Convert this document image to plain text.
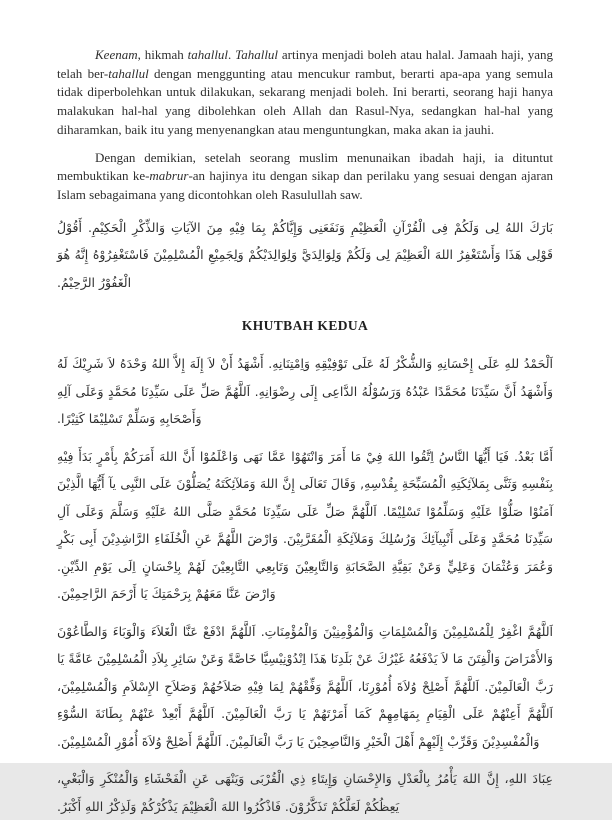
Keenam, hikmah tahallul. Tahallul artinya menjadi boleh atau halal. Jamaah haji, yang telah ber-tahallul dengan menggunting atau mencukur rambut, berarti apa-apa yang semula tidak diperbolehkan untuk dilakukan, sekarang menjadi boleh. Ini berarti, seorang haji hanya malakukan hal-hal yang dibolehkan oleh Allah dan Rasul-Nya, sedangkan hal-hal yang diharamkan, baik itu yang menyenangkan atau menguntungkan, maka akan ia jauhi.

Dengan demikian, setelah seorang muslim menunaikan ibadah haji, ia dituntut membuktikan ke-mabrur-an hajinya itu dengan sikap dan perilaku yang sesuai dengan ajaran Islam sebagaimana yang dicontohkan oleh Rasulullah saw.

بَارَكَ اللهُ لِى وَلَكُمْ فِى الْقُرْآنِ الْعَظِيْمِ وَنَفَعَنِى وَإِيَّاكُمْ بِمَا فِيْهِ مِنَ الآيَاتِ وَالذِّكْرِ الْحَكِيْمِ. أَقُوْلُ قَوْلِى هَذَا وَأَسْتَغْفِرُ اللهَ الْعَظِيْمَ لِى وَلَكُمْ وَلِوَالِدَيَّ وَلِوَالِدَيْكُمْ وَلِجَمِيْعِ الْمُسْلِمِيْنَ فَاسْتَغْفِرُوْهُ إِنَّهُ هُوَ الْغَفُوْرُ الرَّحِيْمُ.

KHUTBAH KEDUA

اَلْحَمْدُ للهِ عَلَى إِحْسَانِهِ وَالشُّكْرُ لَهُ عَلَى تَوْفِيْقِهِ وَاِمْتِنَانِهِ. أَشْهَدُ أَنْ لاَ إِلَهَ إِلاَّ اللهُ وَحْدَهُ لاَ شَرِيْكَ لَهُ وَأَشْهَدُ أَنَّ سَيِّدَنَا مُحَمَّدًا عَبْدُهُ وَرَسُوْلُهُ الدَّاعِى إِلَى رِضْوَانِهِ. اَللَّهُمَّ صَلِّ عَلَى سَيِّدِنَا مُحَمَّدٍ وَعَلَى آلِهِ وَأَصْحَابِهِ وَسَلِّمْ تَسْلِيْمًا كَثِيْرًا.

أَمَّا بَعْدُ. فَيَا أَيُّهَا النَّاسُ اِتَّقُوا اللهَ فِيْ مَا أَمَرَ وَانْتَهُوْا عَمَّا نَهَى وَاعْلَمُوْا أَنَّ اللهَ أَمَرَكُمْ بِأَمْرٍ بَدَأَ فِيْهِ بِنَفْسِهِ وَثَنَّى بِمَلآئِكَتِهِ الْمُسَبِّحَةِ بِقُدْسِهِ, وَقَالَ تَعَالَى إِنَّ اللهَ وَمَلآئِكَتَهُ يُصَلُّوْنَ عَلَى النَّبِى يآ أَيُّهَا الَّذِيْنَ آمَنُوْا صَلُّوْا عَلَيْهِ وَسَلِّمُوْا تَسْلِيْمًا. اَللَّهُمَّ صَلِّ عَلَى سَيِّدِنَا مُحَمَّدٍ صَلَّى اللهُ عَلَيْهِ وَسَلَّمَ وَعَلَى آلِ سَيِّدِنَا مُحَمَّدٍ وَعَلَى أَنْبِيآئِكَ وَرُسُلِكَ وَمَلآئِكَةِ الْمُقَرَّبِيْنَ. وَارْضَ اللَّهُمَّ عَنِ الْخُلَفَاءِ الرَّاشِدِيْنَ أَبِى بَكْرٍ وَعُمَرَ وَعُثْمَانَ وَعَلِيٍّ وَعَنْ بَقِيَّةِ الصَّحَابَةِ وَالتَّابِعِيْنَ وَتَابِعِي التَّابِعِيْنَ لَهُمْ بِاِحْسَانٍ اِلَى يَوْمِ الدِّيْنِ. وَارْضَ عَنَّا مَعَهُمْ بِرَحْمَتِكَ يَا أَرْحَمَ الرَّاحِمِيْنَ.

اَللَّهُمَّ اغْفِرْ لِلْمُسْلِمِيْنَ وَالْمُسْلِمَاتِ وَالْمُؤْمِنِيْنَ وَالْمُؤْمِنَاتِ. اَللَّهُمَّ ادْفَعْ عَنَّا الْغَلاَءَ وَالْوَبَاءَ وَالطَّاعُوْنَ وَالأَمْرَاضَ وَالْفِتَنَ مَا لاَ يَدْفَعُهُ غَيْرُكَ عَنْ بَلَدِنَا هَذَا اِنْدُوْنِيْسِيَّا خَاصَّةً وَعَنْ سَائِرِ بِلاَدِ الْمُسْلِمِيْنَ عَامَّةً يَا رَبَّ الْعَالَمِيْنَ. اَللَّهُمَّ أَصْلِحْ وُلاَةَ أُمُوْرِنَا، اَللَّهُمَّ وَفِّقْهُمْ لِمَا فِيْهِ صَلاَحُهُمْ وَصَلاَحِ الإِسْلاَمِ وَالْمُسْلِمِيْنَ، اَللَّهُمَّ أَعِنْهُمْ عَلَى الْقِيَامِ بِمَهَامِهِمْ كَمَا أَمَرْتَهُمْ يَا رَبَّ الْعَالَمِيْنَ. اَللَّهُمَّ أَبْعِدْ عَنْهُمْ بِطَانَةَ السُّوْءِ وَالْمُفْسِدِيْنَ وَقَرِّبْ إِلَيْهِمْ أَهْلَ الْخَيْرِ وَالنَّاصِحِيْنَ يَا رَبَّ الْعَالَمِيْنَ. اَللَّهُمَّ أَصْلِحْ وُلاَةَ أُمُوْرِ الْمُسْلِمِيْنَ.

عِبَادَ اللهِ، إِنَّ اللهَ يَأْمُرُ بِالْعَدْلِ وَالإِحْسَانِ وَإِيتَاءِ ذِي الْقُرْبَى وَيَنْهَى عَنِ الْفَحْشَاءِ وَالْمُنْكَرِ وَالْبَغْيِ، يَعِظُكُمْ لَعَلَّكُمْ تَذَكَّرُوْنَ. فَاذْكُرُوا اللهَ الْعَظِيْمَ يَذْكُرْكُمْ وَلَذِكْرُ اللهِ أَكْبَرُ.
